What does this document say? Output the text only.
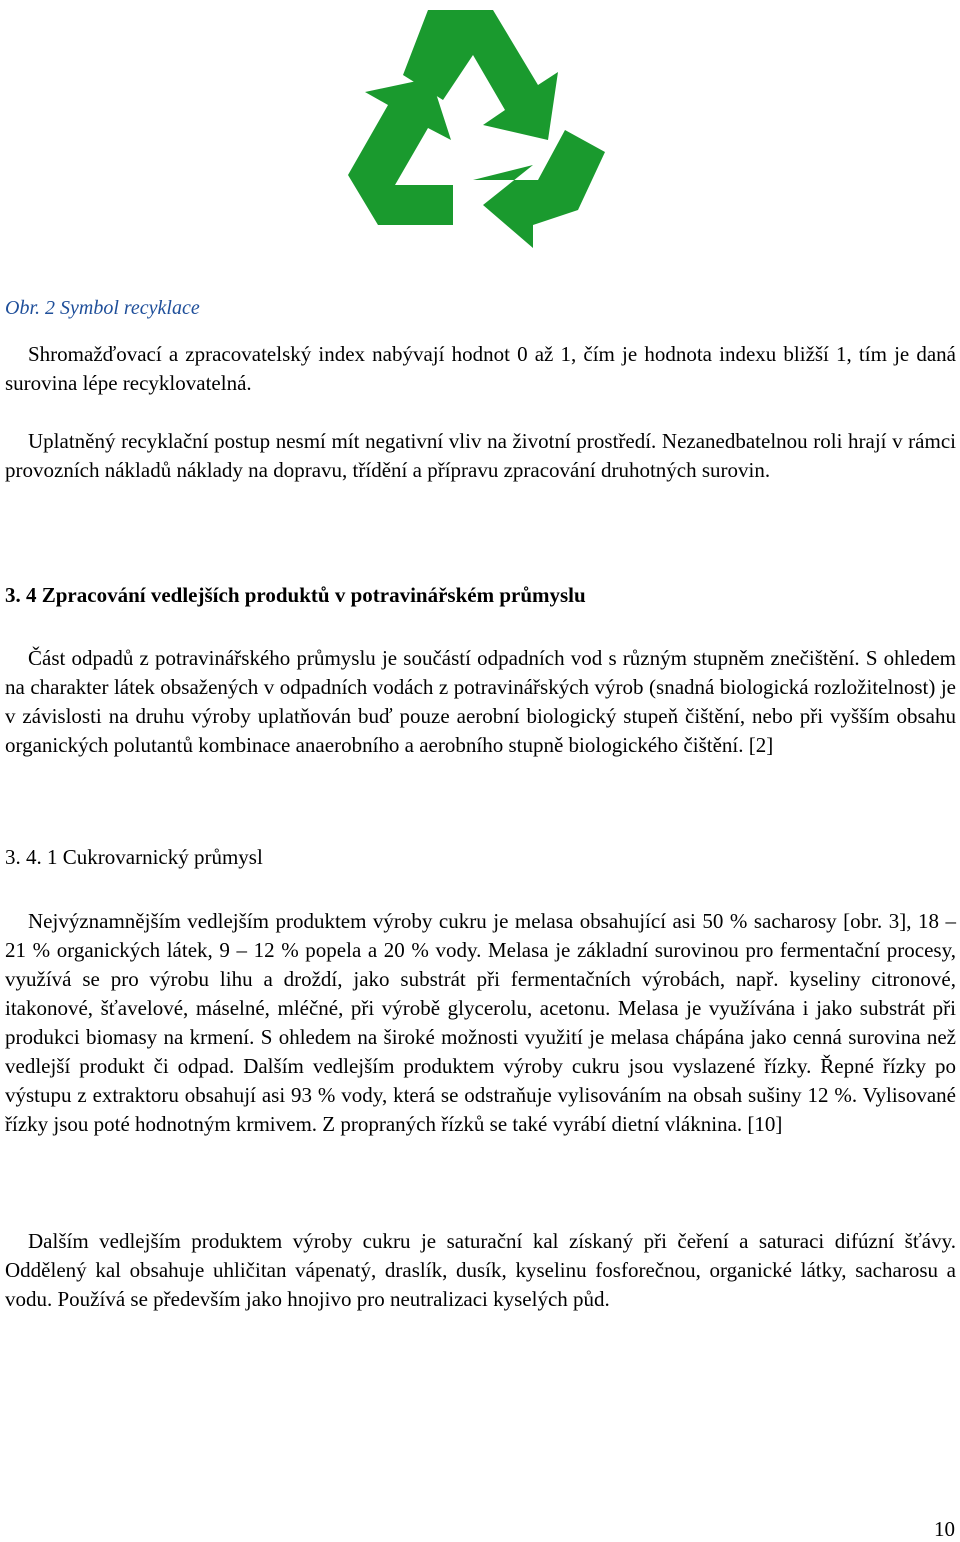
Obr. 2 Symbol recyklace

Shromažďovací a zpracovatelský index nabývají hodnot 0 až 1, čím je hodnota indexu bližší 1, tím je daná surovina lépe recyklovatelná.

Uplatněný recyklační postup nesmí mít negativní vliv na životní prostředí. Nezanedbatelnou roli hrají v rámci provozních nákladů náklady na dopravu, třídění a přípravu zpracování druhotných surovin.

3. 4 Zpracování vedlejších produktů v potravinářském průmyslu

Část odpadů z potravinářského průmyslu je součástí odpadních vod s různým stupněm znečištění. S ohledem na charakter látek obsažených v odpadních vodách z potravinářských výrob (snadná biologická rozložitelnost) je v závislosti na druhu výroby uplatňován buď pouze aerobní biologický stupeň čištění, nebo při vyšším obsahu organických polutantů kombinace anaerobního a aerobního stupně biologického čištění. [2]

3. 4. 1 Cukrovarnický průmysl

Nejvýznamnějším vedlejším produktem výroby cukru je melasa obsahující asi 50 % sacharosy [obr. 3], 18 – 21 % organických látek, 9 – 12 % popela a 20 % vody. Melasa je základní surovinou pro fermentační procesy, využívá se pro výrobu lihu a droždí, jako substrát při fermentačních výrobách, např. kyseliny citronové, itakonové, šťavelové, máselné, mléčné, při výrobě glycerolu, acetonu. Melasa je využívána i jako substrát při produkci biomasy na krmení. S ohledem na široké možnosti využití je melasa chápána jako cenná surovina než vedlejší produkt či odpad. Dalším vedlejším produktem výroby cukru jsou vyslazené řízky. Řepné řízky po výstupu z extraktoru obsahují asi 93 % vody, která se odstraňuje vylisováním na obsah sušiny 12 %. Vylisované řízky jsou poté hodnotným krmivem. Z propraných řízků se také vyrábí dietní vláknina. [10]

Dalším vedlejším produktem výroby cukru je saturační kal získaný při čeření a saturaci difúzní šťávy. Oddělený kal obsahuje uhličitan vápenatý, draslík, dusík, kyselinu fosforečnou, organické látky, sacharosu a vodu. Používá se především jako hnojivo pro neutralizaci kyselých půd.

10
